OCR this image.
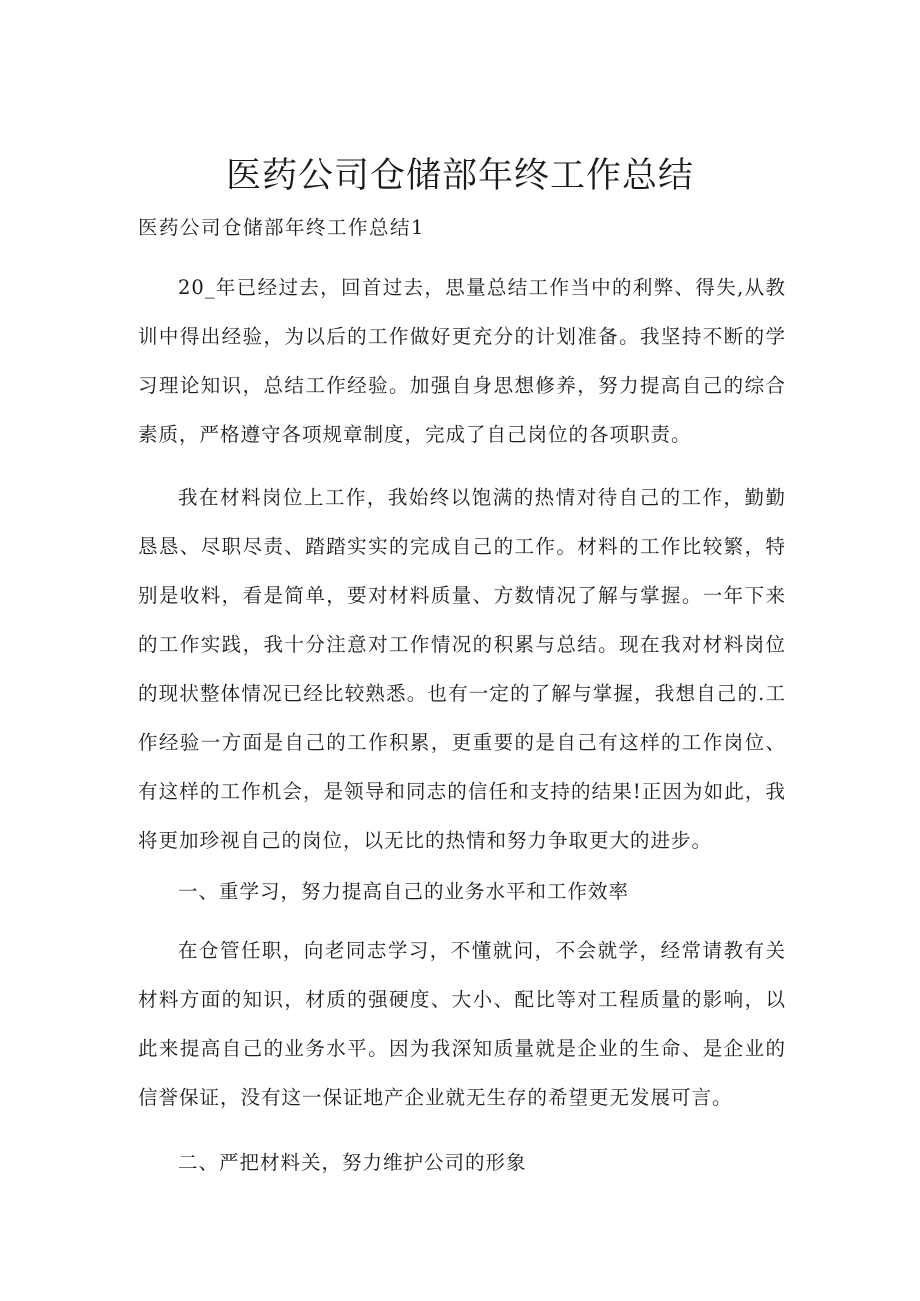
医药公司仓储部年终工作总结

医药公司仓储部年终工作总结1

20_年已经过去，回首过去，思量总结工作当中的利弊、得失,从教训中得出经验，为以后的工作做好更充分的计划准备。我坚持不断的学习理论知识，总结工作经验。加强自身思想修养，努力提高自己的综合素质，严格遵守各项规章制度，完成了自己岗位的各项职责。

我在材料岗位上工作，我始终以饱满的热情对待自己的工作，勤勤恳恳、尽职尽责、踏踏实实的完成自己的工作。材料的工作比较繁，特别是收料，看是简单，要对材料质量、方数情况了解与掌握。一年下来的工作实践，我十分注意对工作情况的积累与总结。现在我对材料岗位的现状整体情况已经比较熟悉。也有一定的了解与掌握，我想自己的.工作经验一方面是自己的工作积累，更重要的是自己有这样的工作岗位、有这样的工作机会，是领导和同志的信任和支持的结果!正因为如此，我将更加珍视自己的岗位，以无比的热情和努力争取更大的进步。

一、重学习，努力提高自己的业务水平和工作效率

在仓管任职，向老同志学习，不懂就问，不会就学，经常请教有关材料方面的知识，材质的强硬度、大小、配比等对工程质量的影响，以此来提高自己的业务水平。因为我深知质量就是企业的生命、是企业的信誉保证，没有这一保证地产企业就无生存的希望更无发展可言。

二、严把材料关，努力维护公司的形象
